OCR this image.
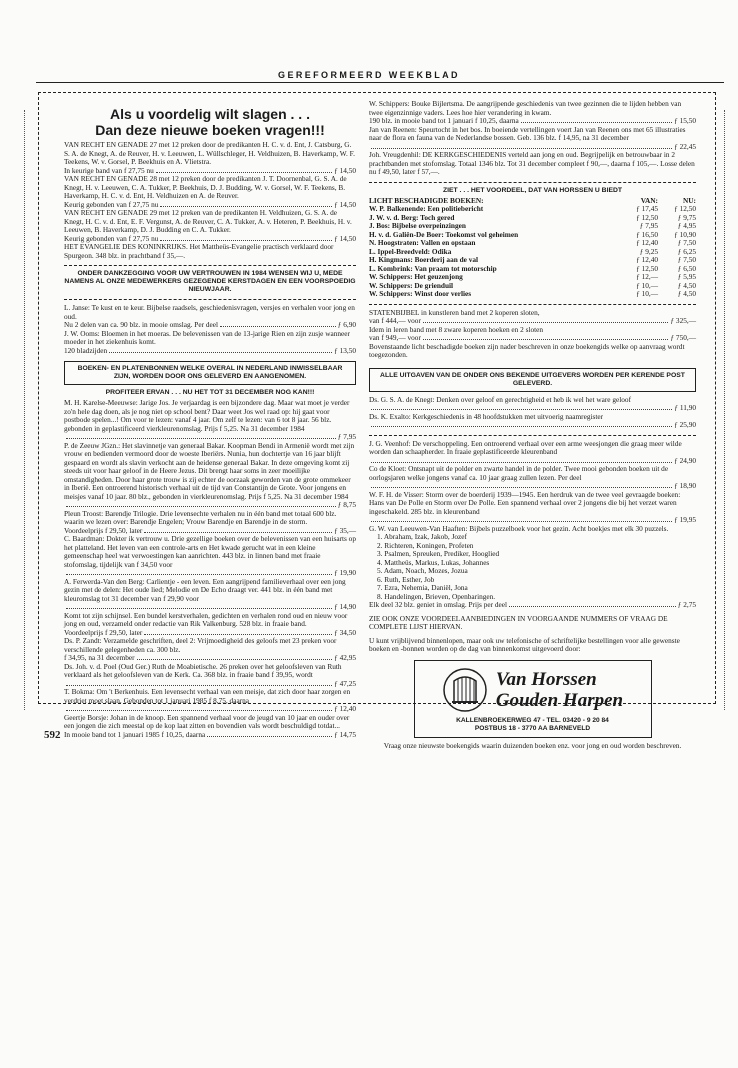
GEREFORMEERD WEEKBLAD
Als u voordelig wilt slagen . . .
Dan deze nieuwe boeken vragen!!!

VAN RECHT EN GENADE 27 met 12 preken door de predikanten H. C. v. d. Ent, J. Catsburg, G. S. A. de Knegt, A. de Reuver, H. v. Leeuwen, L. Wüllschleger, H. Veldhuizen, B. Haverkamp, W. F. Teekens, W. v. Gorsel, P. Beekhuis en A. Vlietstra.

In keurige band van f 27,75 nu	ƒ 14,50

VAN RECHT EN GENADE 28 met 12 preken door de predikanten J. T. Doornenbal, G. S. A. de Knegt, H. v. Leeuwen, C. A. Tukker, P. Beekhuis, D. J. Budding, W. v. Gorsel, W. F. Teekens, B. Haverkamp, H. C. v. d. Ent, H. Veldhuizen en A. de Reuver.

Keurig gebonden van f 27,75 nu	ƒ 14,50

VAN RECHT EN GENADE 29 met 12 preken van de predikanten H. Veldhuizen, G. S. A. de Knegt, H. C. v. d. Ent, E. F. Vergunst, A. de Reuver, C. A. Tukker, A. v. Heteren, P. Beekhuis, H. v. Leeuwen, B. Haverkamp, D. J. Budding en C. A. Tukker.

Keurig gebonden van f 27,75 nu	ƒ 14,50

HET EVANGELIE DES KONINKRIJKS. Het Mattheüs-Evangelie practisch verklaard door Spurgeon. 348 blz. in prachtband f 35,—.

ONDER DANKZEGGING VOOR UW VERTROUWEN IN 1984 WENSEN WIJ U, MEDE NAMENS AL ONZE MEDEWERKERS GEZEGENDE KERSTDAGEN EN EEN VOORSPOEDIG NIEUWJAAR.

L. Janse: Te kust en te keur. Bijbelse raadsels, geschiedenisvragen, versjes en verhalen voor jong en oud.

Nu 2 delen van ca. 90 blz. in mooie omslag. Per deel	ƒ 6,90

J. W. Ooms: Bloemen in het moeras. De belevenissen van de 13-jarige Rien en zijn zusje wanneer moeder in het ziekenhuis komt.

120 bladzijden	ƒ 13,50
BOEKEN- EN PLATENBONNEN WELKE OVERAL IN NEDERLAND INWISSELBAAR ZIJN, WORDEN DOOR ONS GELEVERD EN AANGENOMEN.
PROFITEER ERVAN . . . NU HET TOT 31 DECEMBER NOG KAN!!!

M. H. Karelse-Meeuwse: Jarige Jos. Je verjaardag is een bijzondere dag. Maar wat moet je verder zo'n hele dag doen, als je nog niet op school bent? Daar weet Jos wel raad op: hij gaat voor postbode spelen...! Om voor te lezen: vanaf 4 jaar. Om zelf te lezen: van 6 tot 8 jaar. 56 blz. gebonden in geplastificeerd vierkleurenomslag. Prijs f 5,25. Na 31 december 1984

ƒ 7,95

P. de Zeeuw JGzn.: Het slavinnetje van generaal Bakar. Koopman Bendi in Armenië wordt met zijn vrouw en bedienden vermoord door de woeste Iberiërs. Nunia, hun dochtertje van 16 jaar blijft gespaard en wordt als slavin verkocht aan de heidense generaal Bakar. In deze omgeving komt zij steeds uit voor haar geloof in de Heere Jezus. Dit brengt haar soms in zeer moeilijke omstandigheden. Door haar grote trouw is zij echter de oorzaak geworden van de grote ommekeer in Iberië. Een ontroerend historisch verhaal uit de tijd van Constantijn de Grote. Voor jongens en meisjes vanaf 10 jaar. 80 blz., gebonden in vierkleurenomslag. Prijs f 5,25. Na 31 december 1984

ƒ 8,75

Pleun Troost: Barendje Trilogie. Drie levensechte verhalen nu in één band met totaal 600 blz. waarin we lezen over: Barendje Engelen; Vrouw Barendje en Barendje in de storm.

Voordeelprijs f 29,50, later	ƒ 35,—

C. Baardman: Dokter ik vertrouw u. Drie gezellige boeken over de belevenissen van een huisarts op het platteland. Het leven van een controle-arts en Het kwade gerucht wat in een kleine gemeenschap heel wat verwoestingen kan aanrichten. 443 blz. in linnen band met fraaie stofomslag, tijdelijk van f 34,50 voor

ƒ 19,90

A. Ferwerda-Van den Berg: Carlientje - een leven. Een aangrijpend familieverhaal over een jong gezin met de delen: Het oude lied; Melodie en De Echo draagt ver. 441 blz. in één band met kleuromslag tot 31 december van f 29,90 voor

ƒ 14,90

Komt tot zijn schijnsel. Een bundel kerstverhalen, gedichten en verhalen rond oud en nieuw voor jong en oud, verzameld onder redactie van Rik Valkenburg. 528 blz. in fraaie band.

Voordeelprijs f 29,50, later	ƒ 34,50

Ds. P. Zandt: Verzamelde geschriften, deel 2: Vrijmoedigheid des geloofs met 23 preken voor verschillende gelegenheden ca. 300 blz.

f 34,95, na 31 december	ƒ 42,95

Ds. Joh. v. d. Poel (Oud Ger.) Ruth de Moabietische. 26 preken over het geloofsleven van Ruth verklaard als het geloofsleven van de Kerk. Ca. 368 blz. in fraaie band f 39,95, wordt

ƒ 47,25

T. Bokma: Om 't Berkenhuis. Een levensecht verhaal van een meisje, dat zich door haar zorgen en verdriet moet slaan. Gebonden tot 1 januari 1985 f 8,75, daarna

ƒ 12,40

Geertje Borsje: Johan in de knoop. Een spannend verhaal voor de jeugd van 10 jaar en ouder over een jongen die zich meestal op de kop laat zitten en bovendien vals wordt beschuldigd totdat...

In mooie band tot 1 januari 1985 f 10,25, daarna	ƒ 14,75

W. Schippers: Bouke Bijlertsma. De aangrijpende geschiedenis van twee gezinnen die te lijden hebben van twee eigenzinnige vaders. Lees hoe hier verandering in kwam.

190 blz. in mooie band tot 1 januari f 10,25, daarna	ƒ 15,50

Jan van Reenen: Speurtocht in het bos. In boeiende vertellingen voert Jan van Reenen ons met 65 illustraties naar de flora en fauna van de Nederlandse bossen. Geb. 136 blz. f 14,95, na 31 december

ƒ 22,45

Joh. Vreugdenhil: DE KERKGESCHIEDENIS verteld aan jong en oud. Begrijpelijk en betrouwbaar in 2 prachtbanden met stofomslag. Totaal 1346 blz. Tot 31 december compleet f 90,—, daarna f 105,—. Losse delen nu f 49,50, later f 57,—.

ZIET . . . HET VOORDEEL, DAT VAN HORSSEN U BIEDT
LICHT BESCHADIGDE BOEKEN:	VAN:	NU:
W. P. Balkenende: Een politiebericht	ƒ 17,45	ƒ 12,50
J. W. v. d. Berg: Toch gered	ƒ 12,50	ƒ 9,75
J. Bos: Bijbelse overpeinzingen	ƒ 7,95	ƒ 4,95
H. v. d. Galiën-De Boer: Toekomst vol geheimen	ƒ 16,50	ƒ 10,90
N. Hoogstraten: Vallen en opstaan	ƒ 12,40	ƒ 7,50
L. Ippel-Breedveld: Odika	ƒ 9,25	ƒ 6,25
H. Kingmans: Boerderij aan de val	ƒ 12,40	ƒ 7,50
L. Kombrink: Van praam tot motorschip	ƒ 12,50	ƒ 6,50
W. Schippers: Het geuzenjong	ƒ 12,—	ƒ 5,95
W. Schippers: De grienduil	ƒ 10,—	ƒ 4,50
W. Schippers: Winst door verlies	ƒ 10,—	ƒ 4,50

STATENBIJBEL in kunstleren band met 2 koperen sloten,

van f 444,— voor	ƒ 325,—

Idem in leren band met 8 zware koperen hoeken en 2 sloten

van f 949,— voor	ƒ 750,—

Bovenstaande licht beschadigde boeken zijn nader beschreven in onze boekengids welke op aanvraag wordt toegezonden.

ALLE UITGAVEN VAN DE ONDER ONS BEKENDE UITGEVERS WORDEN PER KERENDE POST GELEVERD.

Ds. G. S. A. de Knegt: Denken over geloof en gerechtigheid et heb ik wel het ware geloof

ƒ 11,90

Ds. K. Exalto: Kerkgeschiedenis in 48 hoofdstukken met uitvoerig naamregister

ƒ 25,90

J. G. Veenhof: De verschoppeling. Een ontroerend verhaal over een arme weesjongen die graag meer wilde worden dan schaapherder. In fraaie geplastificeerde kleurenband

ƒ 24,90

Co de Kloet: Ontsnapt uit de polder en zwarte handel in de polder. Twee mooi gebonden boeken uit de oorlogsjaren welke jongens vanaf ca. 10 jaar graag zullen lezen. Per deel

ƒ 18,90

W. F. H. de Visser: Storm over de boerderij 1939—1945. Een herdruk van de twee veel gevraagde boeken: Hans van De Polle en Storm over De Polle. Een spannend verhaal over 2 jongens die bij het verzet waren ingeschakeld. 285 blz. in kleurenband

ƒ 19,95

G. W. van Leeuwen-Van Haaften: Bijbels puzzelboek voor het gezin. Acht boekjes met elk 30 puzzels.

1. Abraham, Izak, Jakob, Jozef
2. Richteren, Koningen, Profeten
3. Psalmen, Spreuken, Prediker, Hooglied
4. Mattheüs, Markus, Lukas, Johannes
5. Adam, Noach, Mozes, Jozua
6. Ruth, Esther, Job
7. Ezra, Nehemia, Daniël, Jona
8. Handelingen, Brieven, Openbaringen.
Elk deel 32 blz. geniet in omslag. Prijs per deel	ƒ 2,75

ZIE OOK ONZE VOORDEELAANBIEDINGEN IN VOORGAANDE NUMMERS OF VRAAG DE COMPLETE LIJST HIERVAN.

U kunt vrijblijvend binnenlopen, maar ook uw telefonische of schriftelijke bestellingen voor alle gewenste boeken en -bonnen worden op de dag van binnenkomst uitgevoerd door:

Van Horssen
Gouden Harpen
KALLENBROEKERWEG 47 - TEL. 03420 - 9 20 84
POSTBUS 18 - 3770 AA BARNEVELD

Vraag onze nieuwste boekengids waarin duizenden boeken enz. voor jong en oud worden beschreven.

592
